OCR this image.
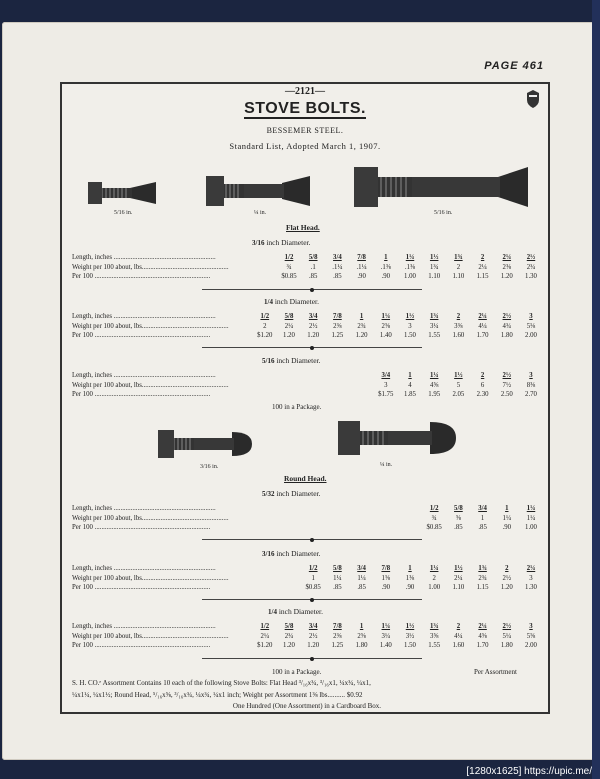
PAGE 461
—2121—
STOVE BOLTS.
BESSEMER STEEL.
Standard List, Adopted March 1, 1907.
5/16 in.	¼ in.	5/16 in.
Flat Head.
3/16 inch Diameter.
Length, inches ............................................................	1/2	5/8	3/4	7/8	1	1¼	1½	1¾	2	2¼	2½
Weight per 100 about, lbs...................................................	¾	.1	.1¼	.1¼	.1⅜	.1⅜	1¾	2	2¼	2⅜	2¾
Per 100 ....................................................................	$0.85	.85	.85	.90	.90	1.00	1.10	1.10	1.15	1.20	1.30
1/4 inch Diameter.
Length, inches ............................................................	1/2	5/8	3/4	7/8	1	1¼	1½	1¾	2	2¼	2½	3
Weight per 100 about, lbs...................................................	2	2¼	2½	2⅜	2¾	2⅝	3	3¼	3⅜	4¼	4¾	5⅛
Per 100 ....................................................................	$1.20	1.20	1.20	1.25	1.20	1.40	1.50	1.55	1.60	1.70	1.80	2.00
5/16 inch Diameter.
Length, inches ............................................................	3/4	1	1¼	1½	2	2½	3
Weight per 100 about, lbs...................................................	3	4	4⅝	5	6	7½	8⅜
Per 100 ....................................................................	$1.75	1.85	1.95	2.05	2.30	2.50	2.70
5/32 inch Diameter.
Length, inches ............................................................	1/2	5/8	3/4	1	1¼
Weight per 100 about, lbs...................................................	¾	⅝	1	1¼	1¼
Per 100 ....................................................................	$0.85	.85	.85	.90	1.00
3/16 inch Diameter.
Length, inches ............................................................	1/2	5/8	3/4	7/8	1	1¼	1½	1¾	2	2¼
Weight per 100 about, lbs...................................................	1	1¼	1¼	1⅝	1⅜	2	2¼	2¾	2½	3
Per 100 ....................................................................	$0.85	.85	.85	.90	.90	1.00	1.10	1.15	1.20	1.30
1/4 inch Diameter.
Length, inches ............................................................	1/2	5/8	3/4	7/8	1	1¼	1½	1¾	2	2¼	2½	3
Weight per 100 about, lbs...................................................	2¼	2¾	2½	2⅜	2⅝	3¼	3½	3⅝	4¼	4⅝	5¼	5⅝
Per 100 ....................................................................	$1.20	1.20	1.20	1.25	1.80	1.40	1.50	1.55	1.60	1.70	1.80	2.00
3/16 in.	¼ in.
Round Head.
100 in a Package.
100 in a Package.	Per Assortment
S. H. CO.ᵉ Assortment Contains 10 each of the following Stove Bolts: Flat Head ³/₁₆x¾, ³/₁₆x1, ¼x¾, ¼x1,
¼x1¼, ¼x1½; Round Head, ⁵/₁₆x⅝, ³/₁₆x¾, ¼x¾, ¼x1 inch; Weight per Assortment 1⅜ lbs.......... $0.92
One Hundred (One Assortment) in a Cardboard Box.
[1280x1625] https://upic.me/
